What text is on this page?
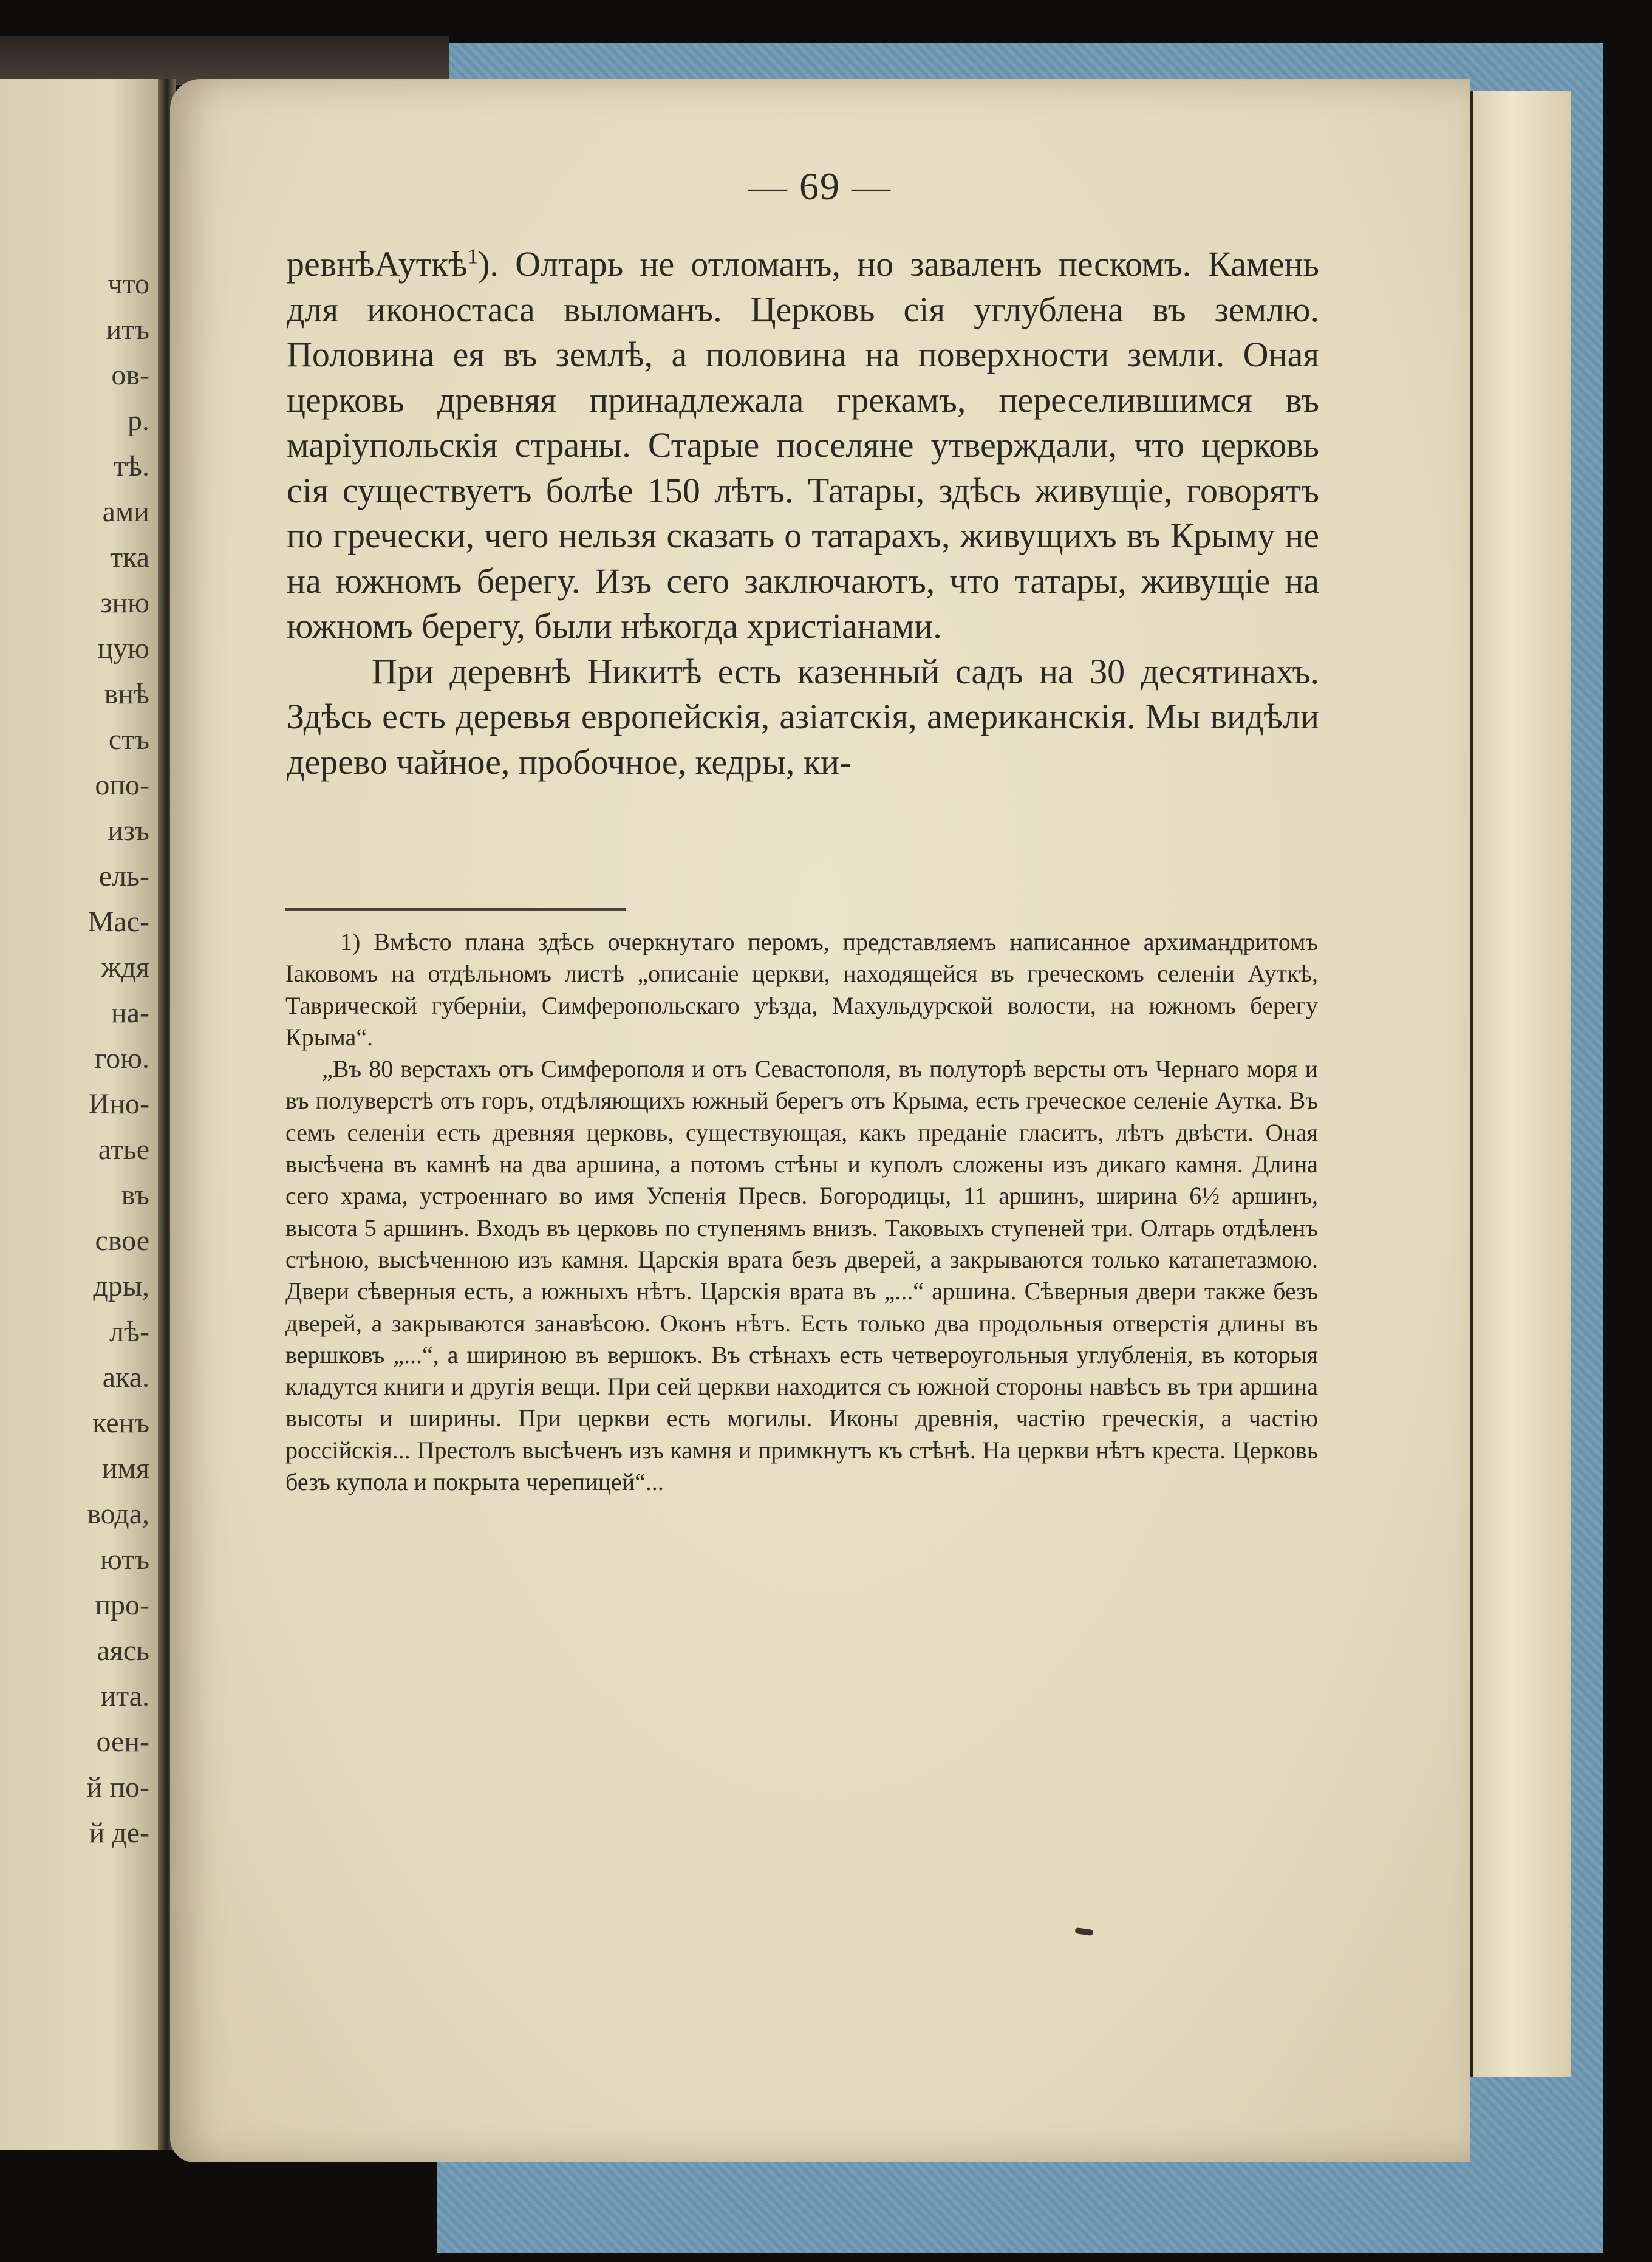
что
итъ
ов-
р.
тѣ.
ами
тка
зню
цую
внѣ
стъ
опо-
изъ
ель-
Мас-
ждя
на-
гою.
Ино-
атье
въ
свое
дры,
лѣ-
ака.
кенъ
имя
вода,
ютъ
про-
аясь
ита.
оен-
й по-
й де-
— 69 —

ревнѣАуткѣ$^1$). Олтарь не отломанъ, но заваленъ пескомъ. Камень для иконостаса выломанъ. Церковь сія углублена въ землю. Половина ея въ землѣ, а половина на поверхности земли. Оная церковь древняя принадлежала грекамъ, переселившимся въ маріупольскія страны. Старые поселяне утверждали, что церковь сія существуетъ болѣе 150 лѣтъ. Татары, здѣсь живущіе, говорятъ по гречески, чего нельзя сказать о татарахъ, живущихъ въ Крыму не на южномъ берегу. Изъ сего заключаютъ, что татары, живущіе на южномъ берегу, были нѣкогда христіанами.

При деревнѣ Никитѣ есть казенный садъ на 30 десятинахъ. Здѣсь есть деревья европейскія, азіатскія, американскія. Мы видѣли дерево чайное, пробочное, кедры, ки-

1) Вмѣсто плана здѣсь очеркнутаго перомъ, представляемъ написанное архимандритомъ Іаковомъ на отдѣльномъ листѣ „описаніе церкви, находящейся въ греческомъ селеніи Ауткѣ, Таврической губерніи, Симферопольскаго уѣзда, Махульдурской волости, на южномъ берегу Крыма“.

„Въ 80 верстахъ отъ Симферополя и отъ Севастополя, въ полуторѣ версты отъ Чернаго моря и въ полуверстѣ отъ горъ, отдѣляющихъ южный берегъ отъ Крыма, есть греческое селеніе Аутка. Въ семъ селеніи есть древняя церковь, существующая, какъ преданіе гласитъ, лѣтъ двѣсти. Оная высѣчена въ камнѣ на два аршина, а потомъ стѣны и куполъ сложены изъ дикаго камня. Длина сего храма, устроеннаго во имя Успенія Пресв. Богородицы, 11 аршинъ, ширина 6½ аршинъ, высота 5 аршинъ. Входъ въ церковь по ступенямъ внизъ. Таковыхъ ступеней три. Олтарь отдѣленъ стѣною, высѣченною изъ камня. Царскія врата безъ дверей, а закрываются только катапетазмою. Двери сѣверныя есть, а южныхъ нѣтъ. Царскія врата въ „...“ аршина. Сѣверныя двери также безъ дверей, а закрываются занавѣсою. Оконъ нѣтъ. Есть только два продольныя отверстія длины въ вершковъ „...“, а шириною въ вершокъ. Въ стѣнахъ есть четвероугольныя углубленія, въ которыя кладутся книги и другія вещи. При сей церкви находится съ южной стороны навѣсъ въ три аршина высоты и ширины. При церкви есть могилы. Иконы древнія, частію греческія, а частію россійскія... Престолъ высѣченъ изъ камня и примкнутъ къ стѣнѣ. На церкви нѣтъ креста. Церковь безъ купола и покрыта черепицей“...
